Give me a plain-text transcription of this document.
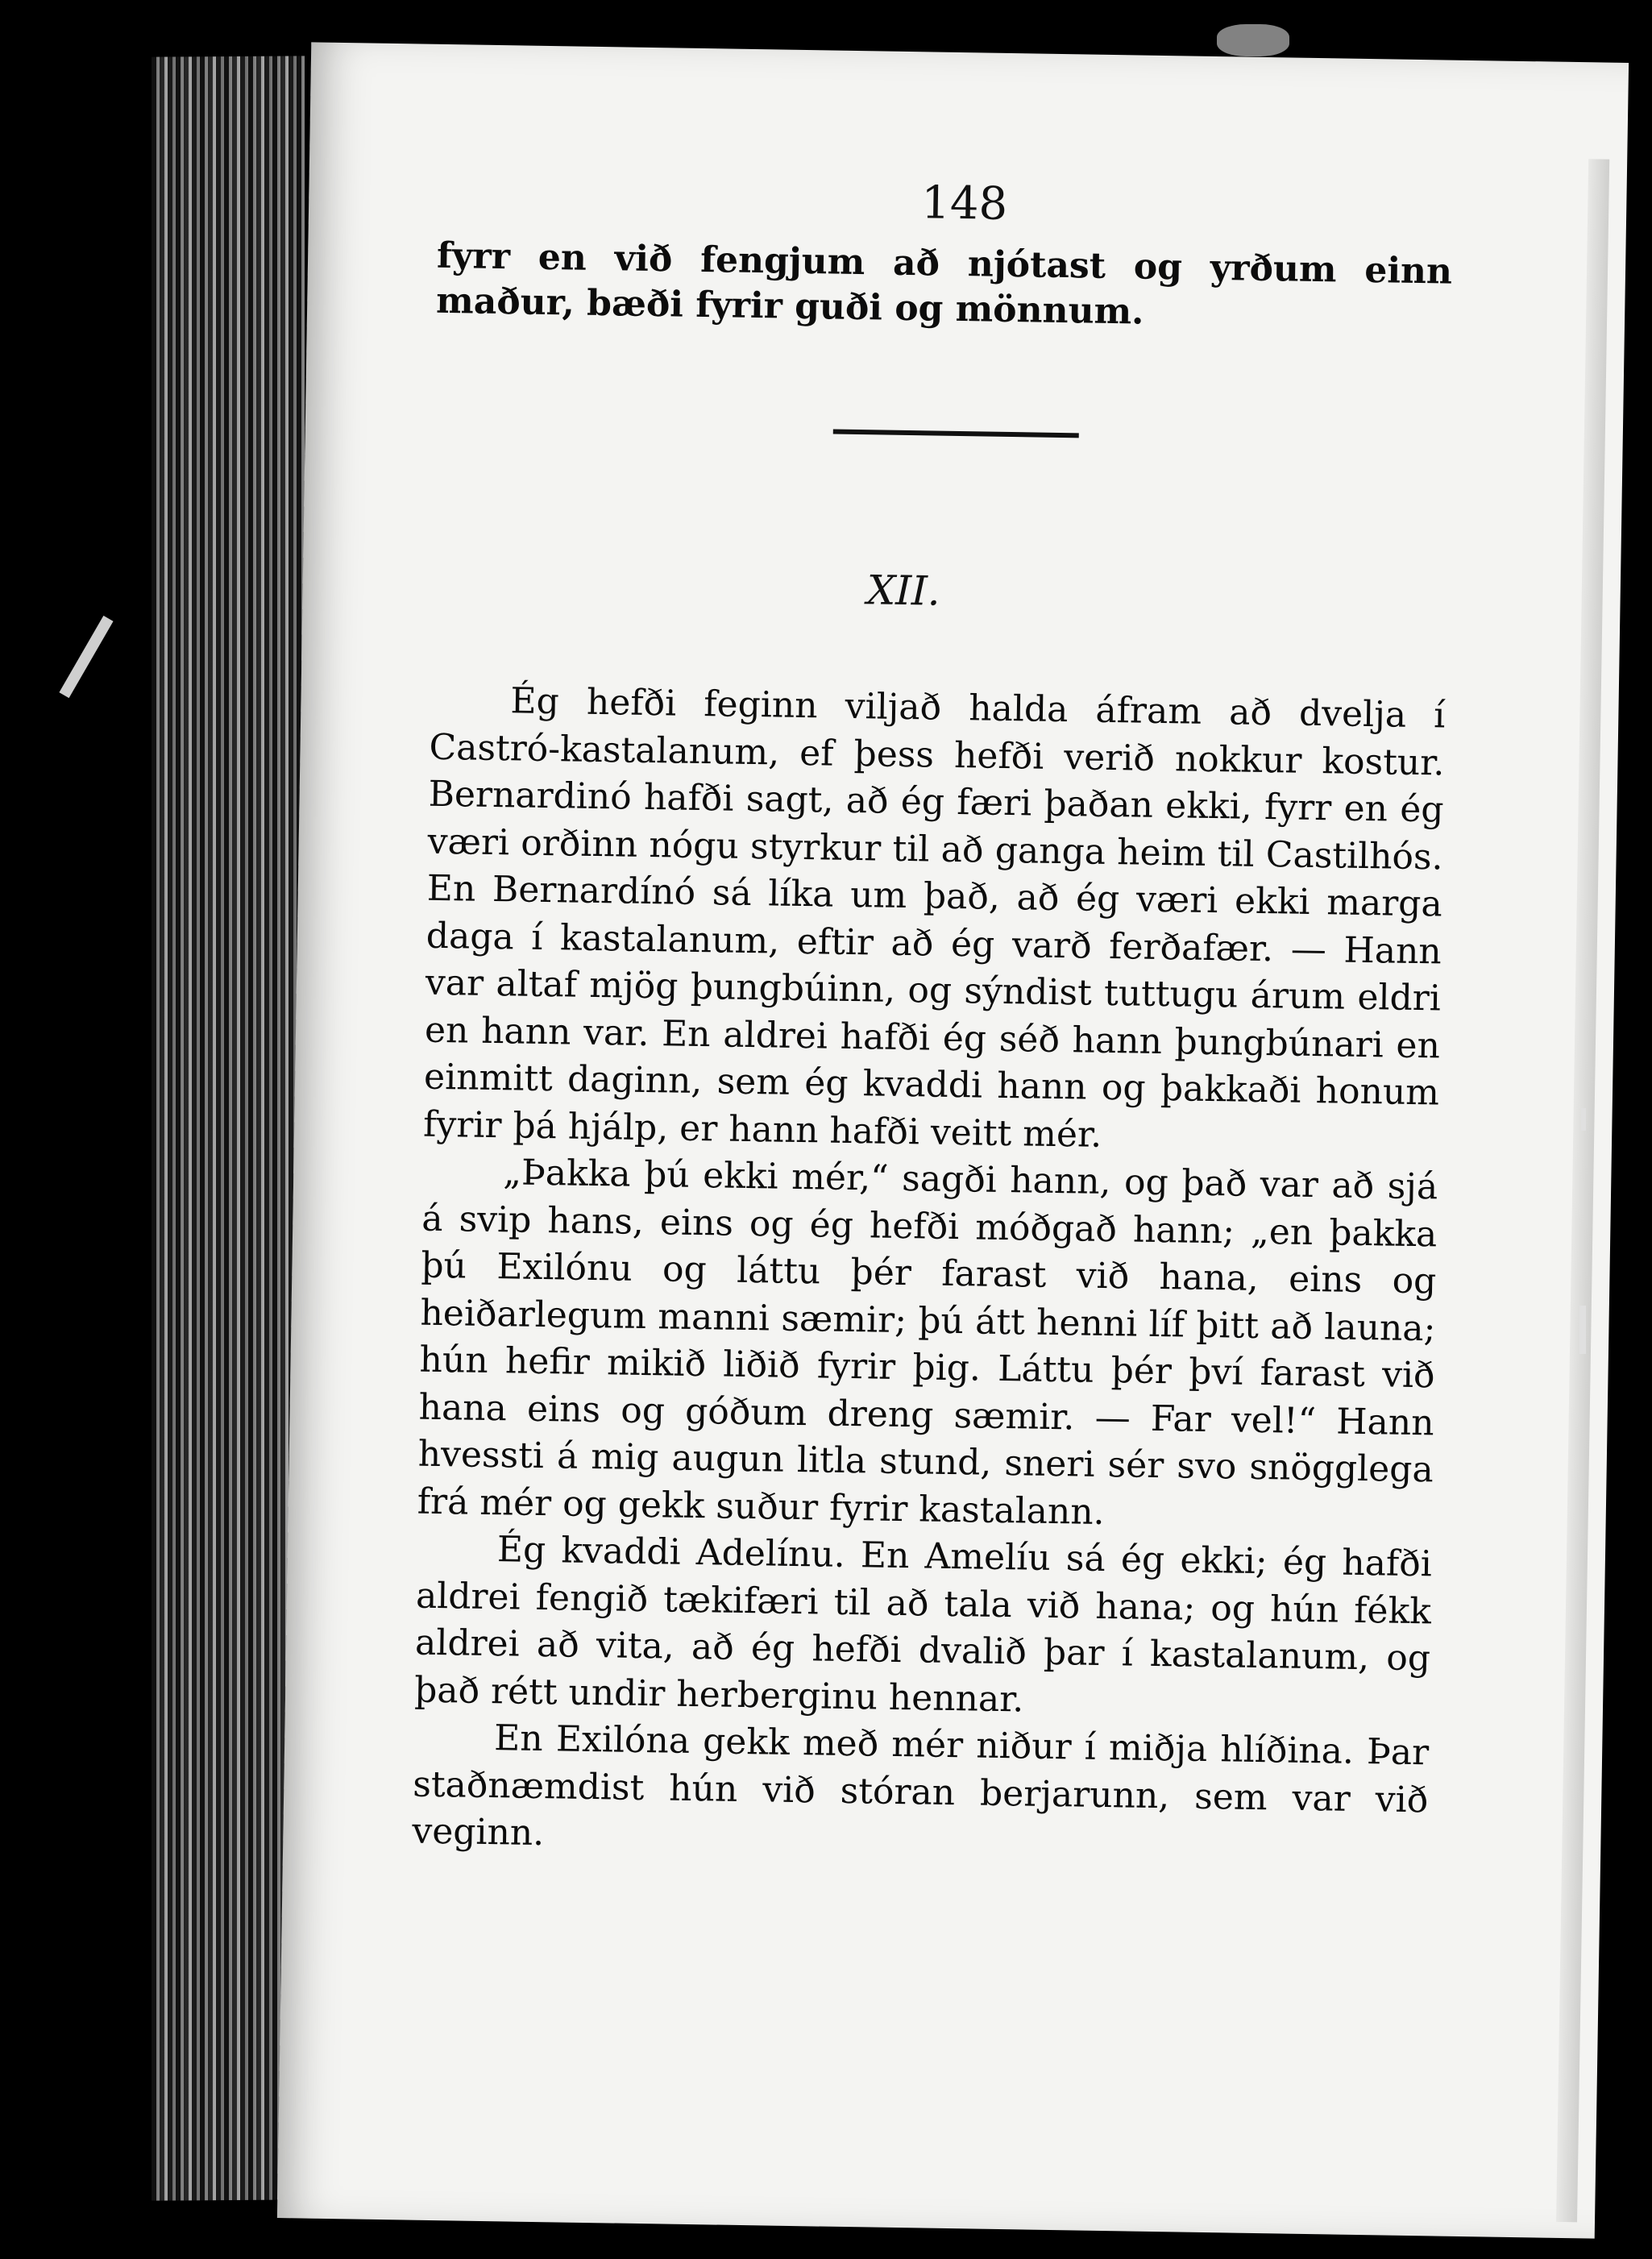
148

fyrr en við fengjum að njótast og yrðum einn maður, bæði fyrir guði og mönnum.

XII.

Ég hefði feginn viljað halda áfram að dvelja í Castró-kastalanum, ef þess hefði verið nokkur kostur. Bernardinó hafði sagt, að ég færi þaðan ekki, fyrr en ég væri orðinn nógu styrkur til að ganga heim til Castilhós. En Bernardínó sá líka um það, að ég væri ekki marga daga í kastalanum, eftir að ég varð ferðafær. — Hann var altaf mjög þungbúinn, og sýndist tuttugu árum eldri en hann var. En aldrei hafði ég séð hann þungbúnari en einmitt daginn, sem ég kvaddi hann og þakkaði honum fyrir þá hjálp, er hann hafði veitt mér.

„Þakka þú ekki mér,“ sagði hann, og það var að sjá á svip hans, eins og ég hefði móðgað hann; „en þakka þú Exilónu og láttu þér farast við hana, eins og heiðarlegum manni sæmir; þú átt henni líf þitt að launa; hún hefir mikið liðið fyrir þig. Láttu þér því farast við hana eins og góðum dreng sæmir. — Far vel!“ Hann hvessti á mig augun litla stund, sneri sér svo snögglega frá mér og gekk suður fyrir kastalann.

Ég kvaddi Adelínu. En Amelíu sá ég ekki; ég hafði aldrei fengið tækifæri til að tala við hana; og hún fékk aldrei að vita, að ég hefði dvalið þar í kastalanum, og það rétt undir herberginu hennar.

En Exilóna gekk með mér niður í miðja hlíðina. Þar staðnæmdist hún við stóran berjarunn, sem var við veginn.
